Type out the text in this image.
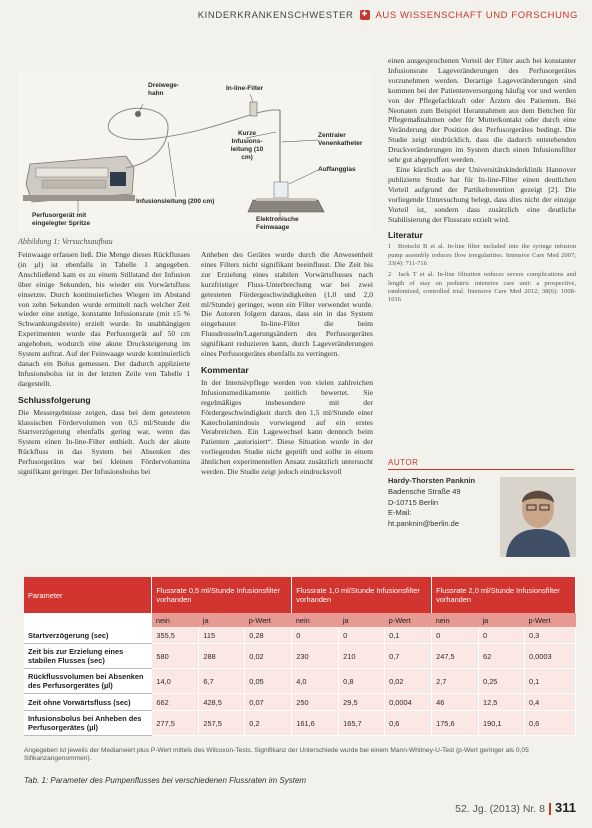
KINDERKRANKENSCHWESTER ✚ AUS WISSENSCHAFT UND FORSCHUNG
Dreiwege-hahn
In-line-Filter
Kurze Infusions-leitung (10 cm)
Zentraler Venenkatheter
Auffangglas
Perfusorgerät mit eingelegter Spritze
Infusionsleitung (200 cm)
Elektronische Feinwaage
Abbildung 1: Versuchsaufbau

Feinwaage erfassen ließ. Die Menge dieses Rückflusses (in µl) ist ebenfalls in Tabelle 1 angegeben. Anschließend kam es zu einem Stillstand der Infusion über einige Sekunden, bis wieder ein Vorwärtsfluss einsetzte. Durch kontinuierliches Wiegen im Abstand von zehn Sekunden wurde ermittelt nach welcher Zeit wieder eine stetige, konstante Infusionsrate (mit ±5 % Schwankungsbreite) erzielt wurde. In unabhängigen Experimenten wurde das Perfusorgerät auf 50 cm angehoben, wodurch eine akute Drucksteigerung im System auftrat. Auf der Feinwaage wurde kontinuierlich danach ein Bolus gemessen. Der dadurch appliziertе Infusionsbolus ist in der letzten Zeile von Tabelle 1 dargestellt.

Schlussfolgerung

Die Messergebnisse zeigen, dass bei dem getesteten klassischen Fördervolumen von 0,5 ml/Stunde die Startverzögerung ebenfalls gering war, wenn das System einen In-line-Filter enthielt. Auch der akute Rückfluss in das System bei Absenken des Perfusorgerätes war bei kleinen Fördervolumina signifikant geringer. Der Infusionsbolus bei

Anheben des Gerätes wurde durch die Anwesenheit eines Filters nicht signifikant beeinflusst. Die Zeit bis zur Erzielung eines stabilen Vorwärtsflusses nach kurzfristiger Fluss-Unterbrechung war bei zwei getesteten Fördergeschwindigkeiten (1,0 und 2,0 ml/Stunde) geringer, wenn ein Filter verwendet wurde. Die Autoren folgern daraus, dass ein in das System eingebauter In-line-Filter die beim Flussdrosseln/Lagerungsändern des Perfusorgerätes signifikant reduzieren kann, durch Lageveränderungen eines Perfusorgerätes ebenfalls zu verringern.

Kommentar

In der Intensivpflege werden von vielen zahlreichen Infusionsmedikamente zeitlich bewertet. Sie regelmäßiges insbesondere mit der Fördergeschwindigkeit durch den 1,5 ml/Stunde einer Katecholamindosis vorwiegend auf ein erstes Verabreichen. Ein Lagewechsel kann dennoch beim Patienten „autorisiert“. Diese Situation wurde in der vorliegenden Studie nicht geprüft und sollte in einem ähnlichen experimentellen Ansatz zusätzlich untersucht werden. Die Studie zeigt jedoch eindrucksvoll

einen ausgesprochenen Vorteil der Filter auch bei konstanter Infusionsrate Lageveränderungen des Perfusorgerätes vorzunehmen werden. Derartige Lageveränderungen sind kommen bei der Patientenversorgung häufig vor und werden von der Pflegefachkraft oder Ärzten des Patienten. Bei Neonaten zum Beispiel Herannahmen aus dem Bettchen für Pflegemaßnahmen oder für Mutterkontakt oder durch eine Veränderung der Position des Perfusorgerätes bedingt. Die Studie zeigt eindrücklich, dass die dadurch entstehenden Druckveränderungen im System durch einen Infusionsfilter sehr gut abgepuffert werden.

Eine kürzlich aus der Universitätskinderklinik Hannover publizierte Studie hat für In-line-Filter einen deutlichen Vorteil aufgrund der Partikelretention gezeigt [2]. Die vorliegende Untersuchung belegt, dass dies nicht der einzige Vorteil ist, sondern dass zusätzlich eine deutliche Stabilisierung der Flussrate erzielt wird.

Literatur
1 Brotschi B et al. In-line filter included into the syringe infusion pump assembly reduces flow irregularities. Intensive Care Med 2007; 33(4): 711-716
2 Jack T et al. In-line filtration reduces severe complications and length of stay on pediatric intensive care unit: a prospective, randomized, controlled trial. Intensive Care Med 2012; 38(6): 1008-1016
AUTOR
Hardy-Thorsten Panknin
Badensche Straße 49
D-10715 Berlin
E-Mail:
ht.panknin@berlin.de
Parameter	Flussrate 0,5 ml/Stunde Infusionsfilter vorhanden			Flussrate 1,0 ml/Stunde Infusionsfilter vorhanden			Flussrate 2,0 ml/Stunde Infusionsfilter vorhanden		
	nein	ja	p-Wert	nein	ja	p-Wert	nein	ja	p-Wert
Startverzögerung (sec)	355,5	115	0,28	0	0	0,1	0	0	0,3
Zeit bis zur Erzielung eines stabilen Flusses (sec)	580	288	0,02	230	210	0,7	247,5	62	0,0003
Rückflussvolumen bei Absenken des Perfusorgerätes (µl)	14,0	6,7	0,05	4,0	0,8	0,02	2,7	0,25	0,1
Zeit ohne Vorwärtsfluss (sec)	662	428,5	0,07	250	29,5	0,0004	46	12,5	0,4
Infusionsbolus bei Anheben des Perfusorgerätes (µl)	277,5	257,5	0,2	161,6	165,7	0,6	175,6	190,1	0,6
Angegeben ist jeweils der Medianwert plus P-Wert mittels des Wilcoxon-Tests. Signifikanz der Unterschiede wurde bei einem Mann-Whitney-U-Test (p-Wert geringer als 0,05 Sifikanzangenommen).
Tab. 1: Parameter des Pumpenflusses bei verschiedenen Flussraten im System
52. Jg. (2013) Nr. 8 311
